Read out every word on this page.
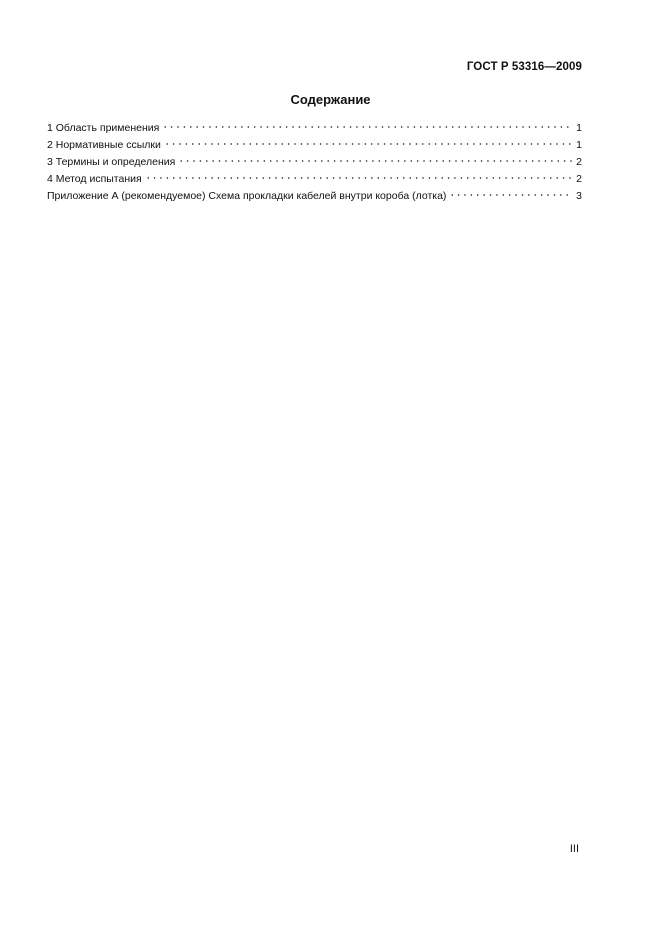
ГОСТ Р 53316—2009
Содержание
1 Область применения	1
2 Нормативные ссылки	1
3 Термины и определения	2
4 Метод испытания	2
Приложение А (рекомендуемое) Схема прокладки кабелей внутри короба (лотка)	3
III
